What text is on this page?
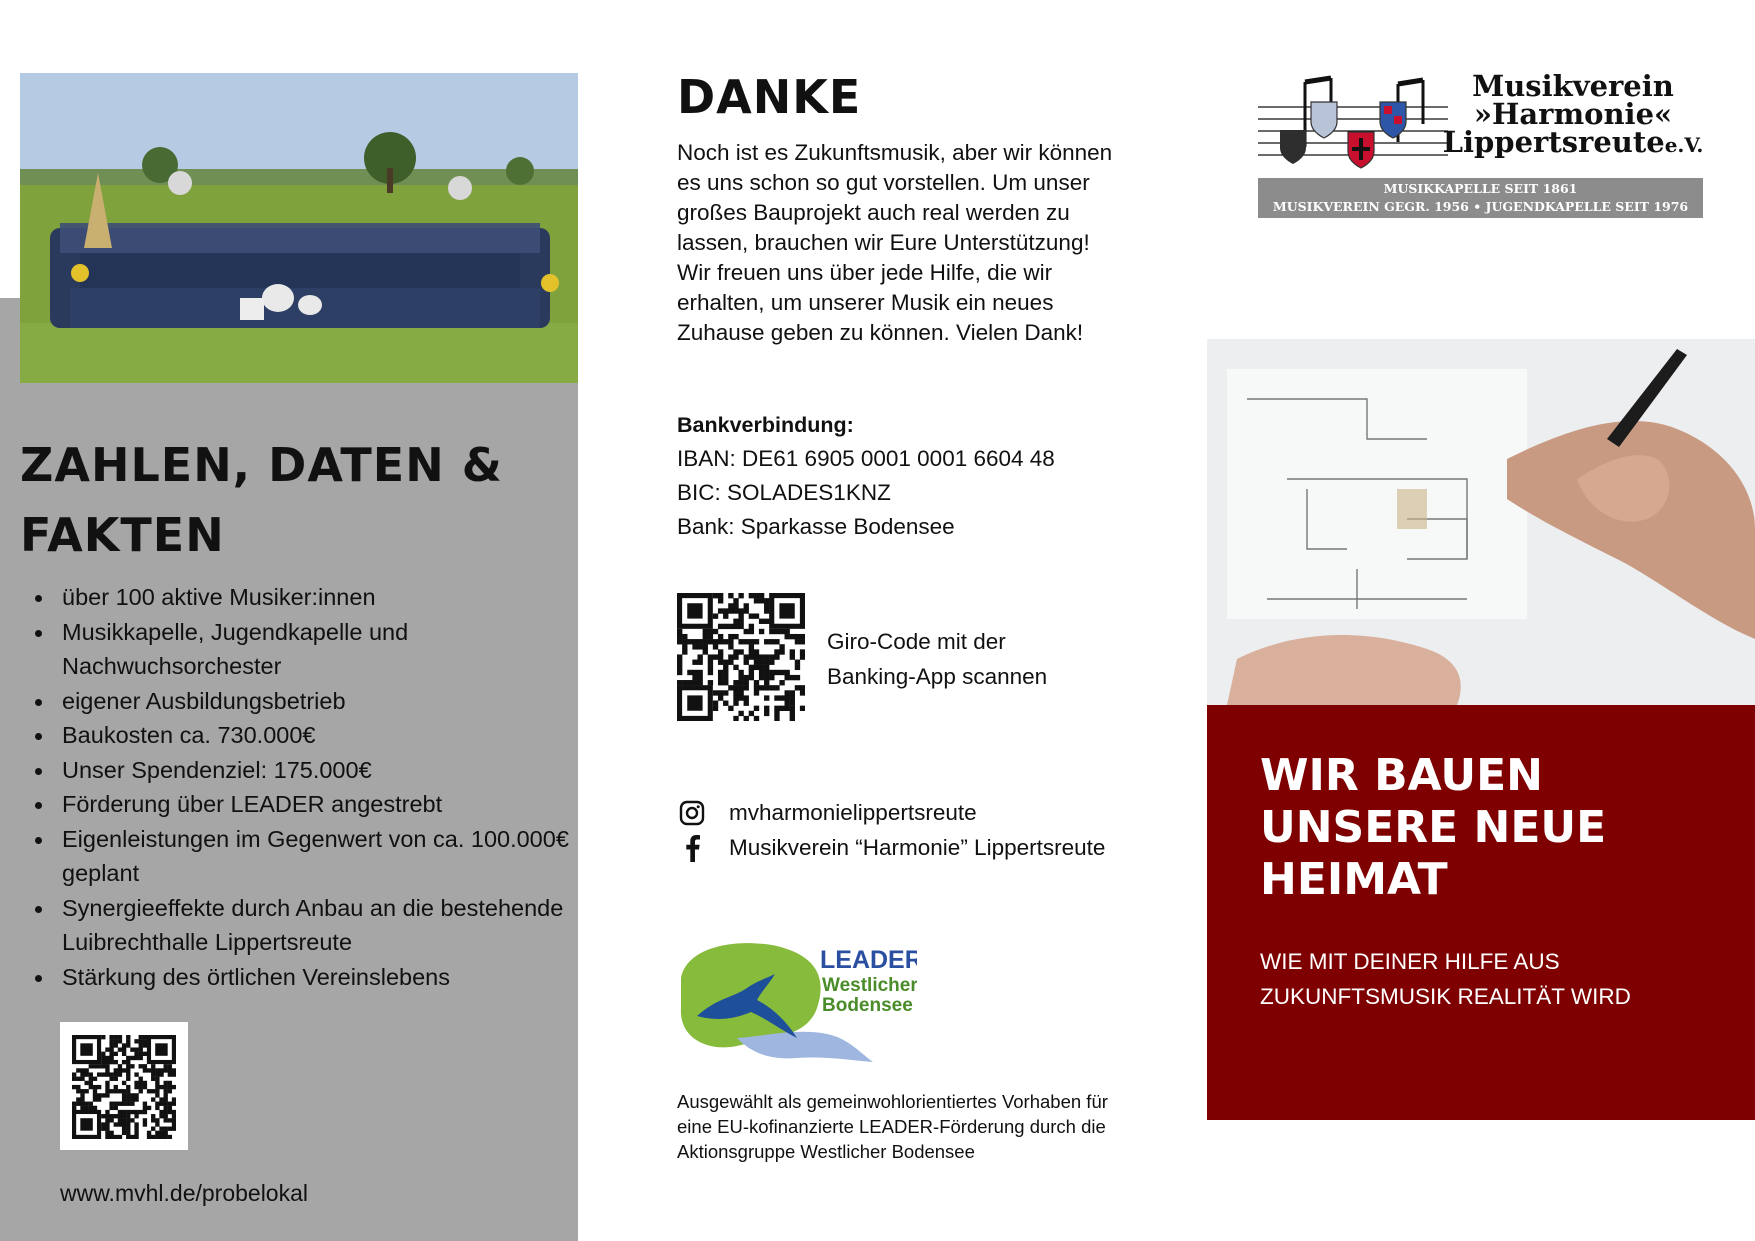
ZAHLEN, DATEN & FAKTEN
über 100 aktive Musiker:innen
Musikkapelle, Jugendkapelle und Nachwuchsorchester
eigener Ausbildungsbetrieb
Baukosten ca. 730.000€
Unser Spendenziel: 175.000€
Förderung über LEADER angestrebt
Eigenleistungen im Gegenwert von ca. 100.000€ geplant
Synergieeffekte durch Anbau an die bestehende Luibrechthalle Lippertsreute
Stärkung des örtlichen Vereinslebens
www.mvhl.de/probelokal
DANKE
Noch ist es Zukunftsmusik, aber wir können es uns schon so gut vorstellen. Um unser großes Bauprojekt auch real werden zu lassen, brauchen wir Eure Unterstützung! Wir freuen uns über jede Hilfe, die wir erhalten, um unserer Musik ein neues Zuhause geben zu können. Vielen Dank!
Bankverbindung:
IBAN: DE61 6905 0001 0001 6604 48
BIC: SOLADES1KNZ
Bank: Sparkasse Bodensee
Giro-Code mit der Banking-App scannen
mvharmonielippertsreute
Musikverein “Harmonie” Lippertsreute
LEADER
Westlicher
Bodensee
Ausgewählt als gemeinwohlorientiertes Vorhaben für eine EU-kofinanzierte LEADER-Förderung durch die Aktionsgruppe Westlicher Bodensee
Musikverein
»Harmonie«
Lippertsreutee.V.
MUSIKKAPELLE SEIT 1861
MUSIKVEREIN GEGR. 1956 • JUGENDKAPELLE SEIT 1976
WIR BAUEN UNSERE NEUE HEIMAT
WIE MIT DEINER HILFE AUS ZUKUNFTSMUSIK REALITÄT WIRD
